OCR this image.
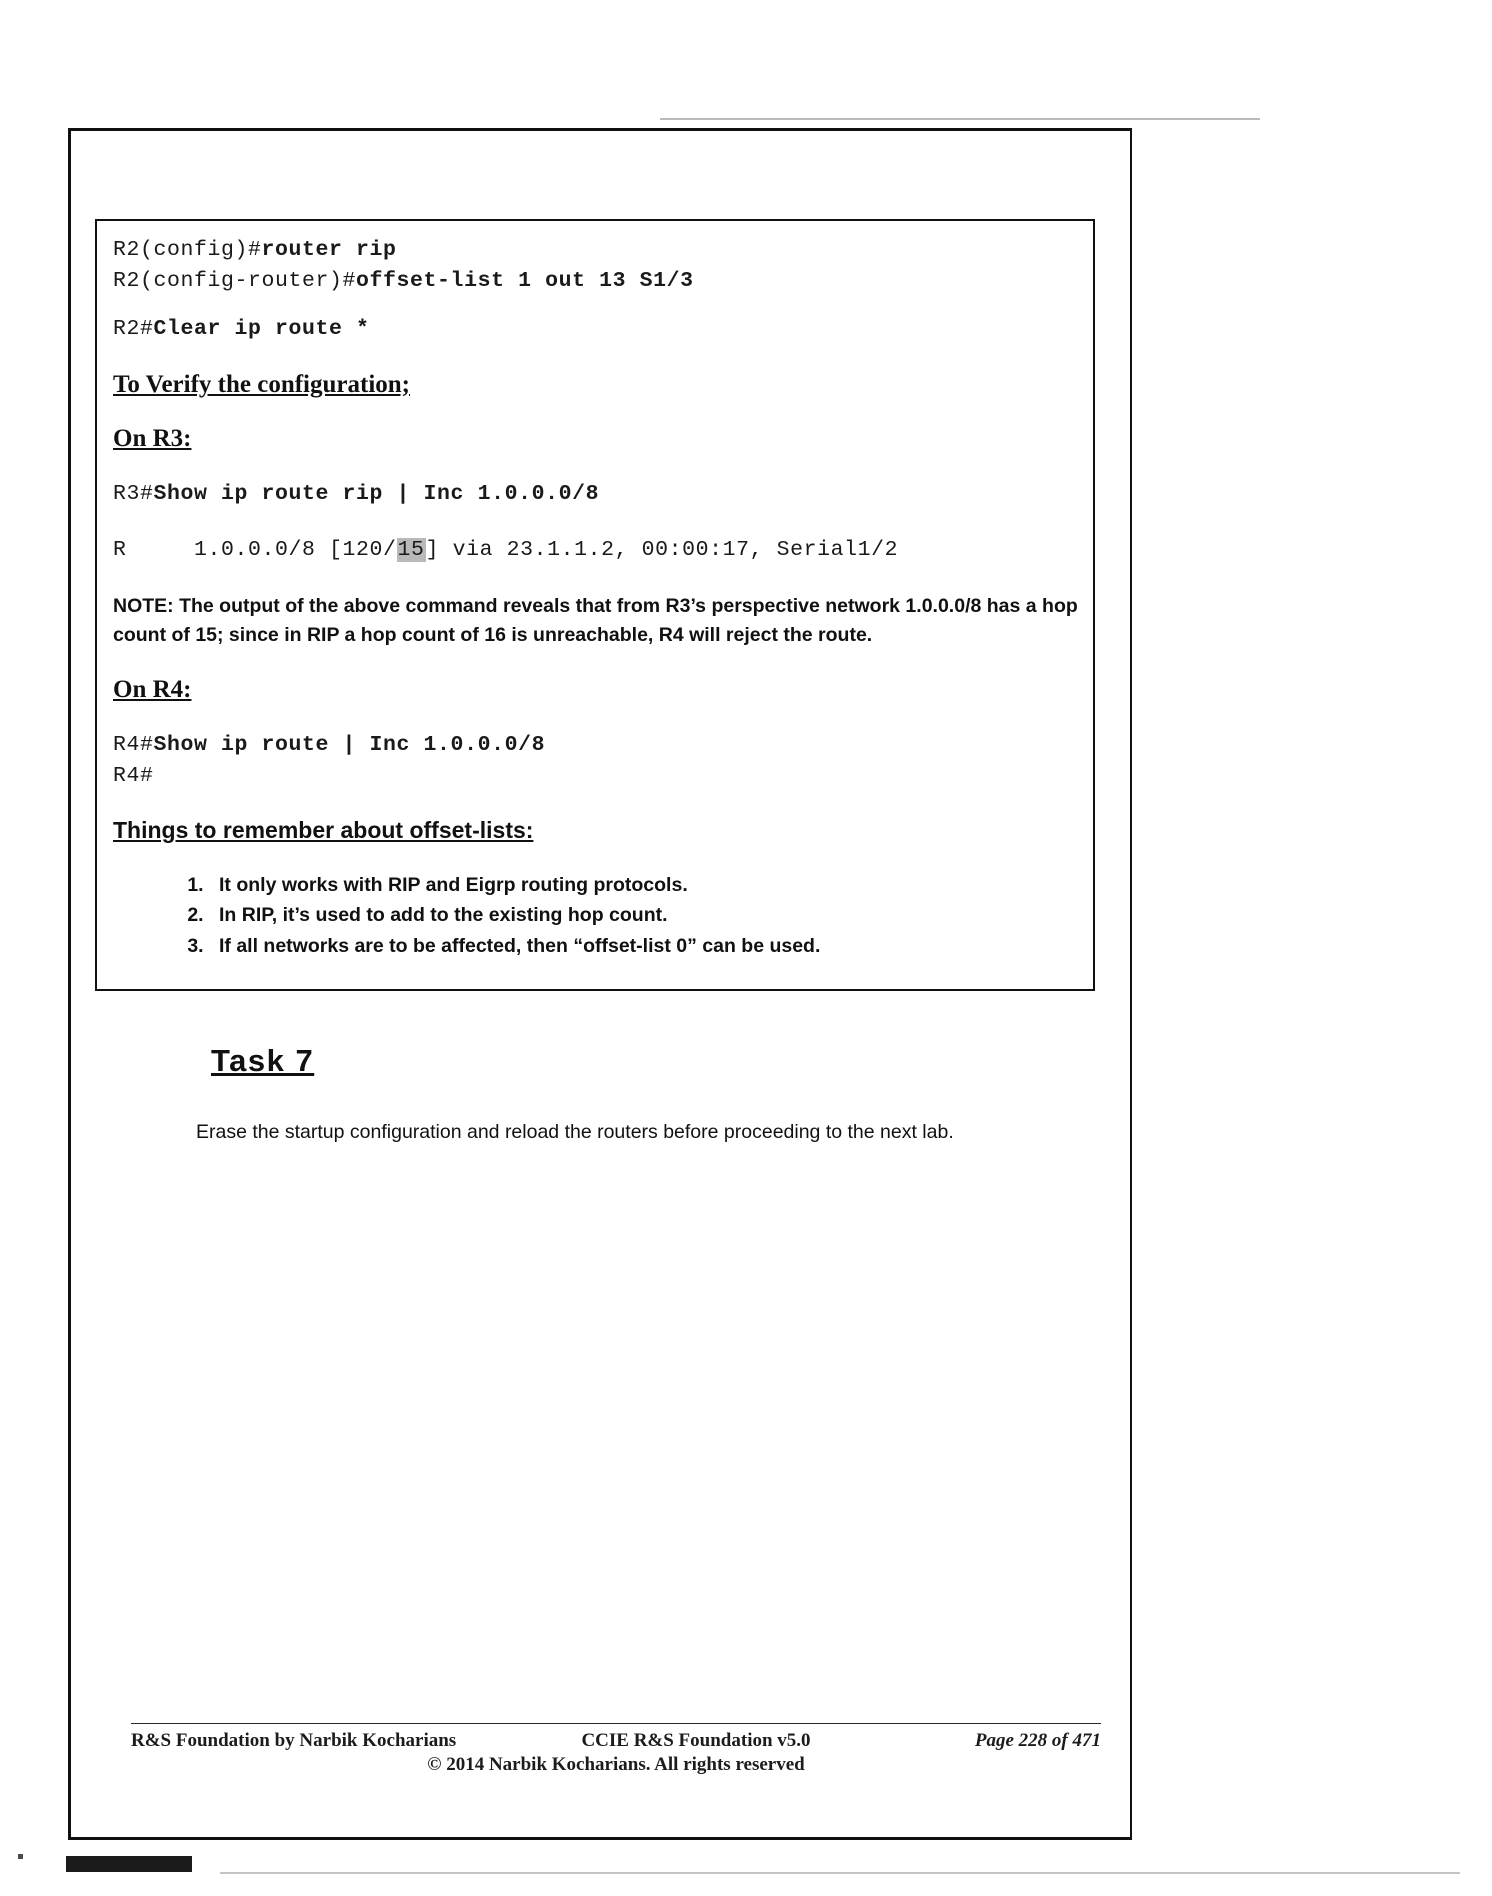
R2(config)#router rip
R2(config-router)#offset-list 1 out 13 S1/3
R2#Clear ip route *
To Verify the configuration;
On R3:
R3#Show ip route rip | Inc 1.0.0.0/8
R     1.0.0.0/8 [120/15] via 23.1.1.2, 00:00:17, Serial1/2

NOTE: The output of the above command reveals that from R3’s perspective network 1.0.0.0/8 has a hop count of 15; since in RIP a hop count of 16 is unreachable, R4 will reject the route.

On R4:
R4#Show ip route | Inc 1.0.0.0/8
R4#
Things to remember about offset-lists:
1. It only works with RIP and Eigrp routing protocols.
2. In RIP, it’s used to add to the existing hop count.
3. If all networks are to be affected, then “offset-list 0” can be used.
Task 7
Erase the startup configuration and reload the routers before proceeding to the next lab.
R&S Foundation by Narbik Kocharians	CCIE R&S Foundation v5.0	Page 228 of 471
© 2014 Narbik Kocharians. All rights reserved
